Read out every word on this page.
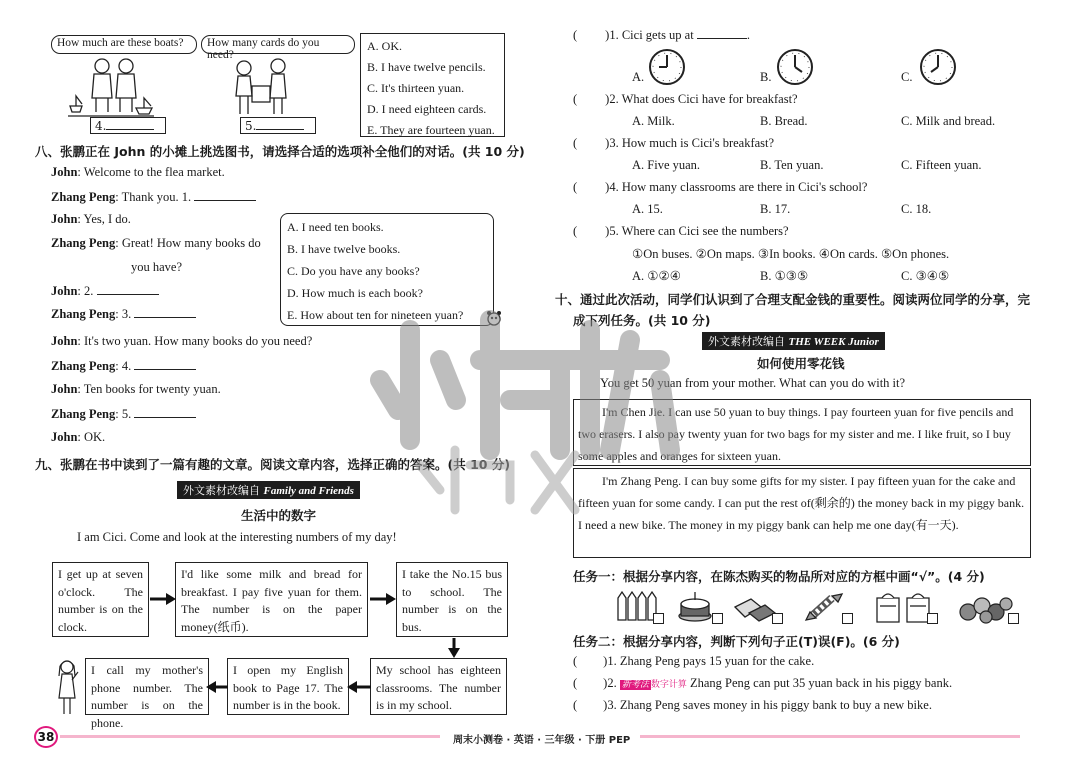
How much are these boats?	How many cards do you need?
4.	5.
A. OK.
B. I have twelve pencils.
C. It's thirteen yuan.
D. I need eighteen cards.
E. They are fourteen yuan.
八、张鹏正在 John 的小摊上挑选图书，请选择合适的选项补全他们的对话。(共 10 分)
John: Welcome to the flea market.
Zhang Peng: Thank you. 1.
John: Yes, I do.
Zhang Peng: Great! How many books do
you have?
John: 2.
Zhang Peng: 3.
John: It's two yuan. How many books do you need?
Zhang Peng: 4.
John: Ten books for twenty yuan.
Zhang Peng: 5.
John: OK.
A. I need ten books.
B. I have twelve books.
C. Do you have any books?
D. How much is each book?
E. How about ten for nineteen yuan?
九、张鹏在书中读到了一篇有趣的文章。阅读文章内容，选择正确的答案。(共 10 分)
外文素材改编自 Family and Friends
生活中的数字
I am Cici. Come and look at the interesting numbers of my day!
I get up at seven o'clock. The number is on the clock.
I'd like some milk and bread for breakfast. I pay five yuan for them. The number is on the paper money(纸币).
I take the No.15 bus to school. The number is on the bus.
I call my mother's phone number. The number is on the phone.
I open my English book to Page 17. The number is in the book.
My school has eighteen classrooms. The number is in my school.
38
( )1. Cici gets up at	.
A.	B.	C.
( )2. What does Cici have for breakfast?
A. Milk.	B. Bread.	C. Milk and bread.
( )3. How much is Cici's breakfast?
A. Five yuan.	B. Ten yuan.	C. Fifteen yuan.
( )4. How many classrooms are there in Cici's school?
A. 15.	B. 17.	C. 18.
( )5. Where can Cici see the numbers?
①On buses. ②On maps. ③In books. ④On cards. ⑤On phones.
A. ①②④	B. ①③⑤	C. ③④⑤
十、通过此次活动，同学们认识到了合理支配金钱的重要性。阅读两位同学的分享，完
成下列任务。(共 10 分)
外文素材改编自 THE WEEK Junior
如何使用零花钱
You get 50 yuan from your mother. What can you do with it?
I'm Chen Jie. I can use 50 yuan to buy things. I pay fourteen yuan for five pencils and two erasers. I also pay twenty yuan for two bags for my sister and me. I like fruit, so I buy some apples and oranges for sixteen yuan.
I'm Zhang Peng. I can buy some gifts for my sister. I pay fifteen yuan for the cake and fifteen yuan for some candy. I can put the rest of(剩余的) the money back in my piggy bank. I need a new bike. The money in my piggy bank can help me one day(有一天).
任务一：根据分享内容，在陈杰购买的物品所对应的方框中画“√”。(4 分)
任务二：根据分享内容，判断下列句子正(T)误(F)。(6 分)
( )1. Zhang Peng pays 15 yuan for the cake.
( )2. 新考法 数字计算 Zhang Peng can put 35 yuan back in his piggy bank.
( )3. Zhang Peng saves money in his piggy bank to buy a new bike.
周末小测卷 · 英语 · 三年级 · 下册 PEP
